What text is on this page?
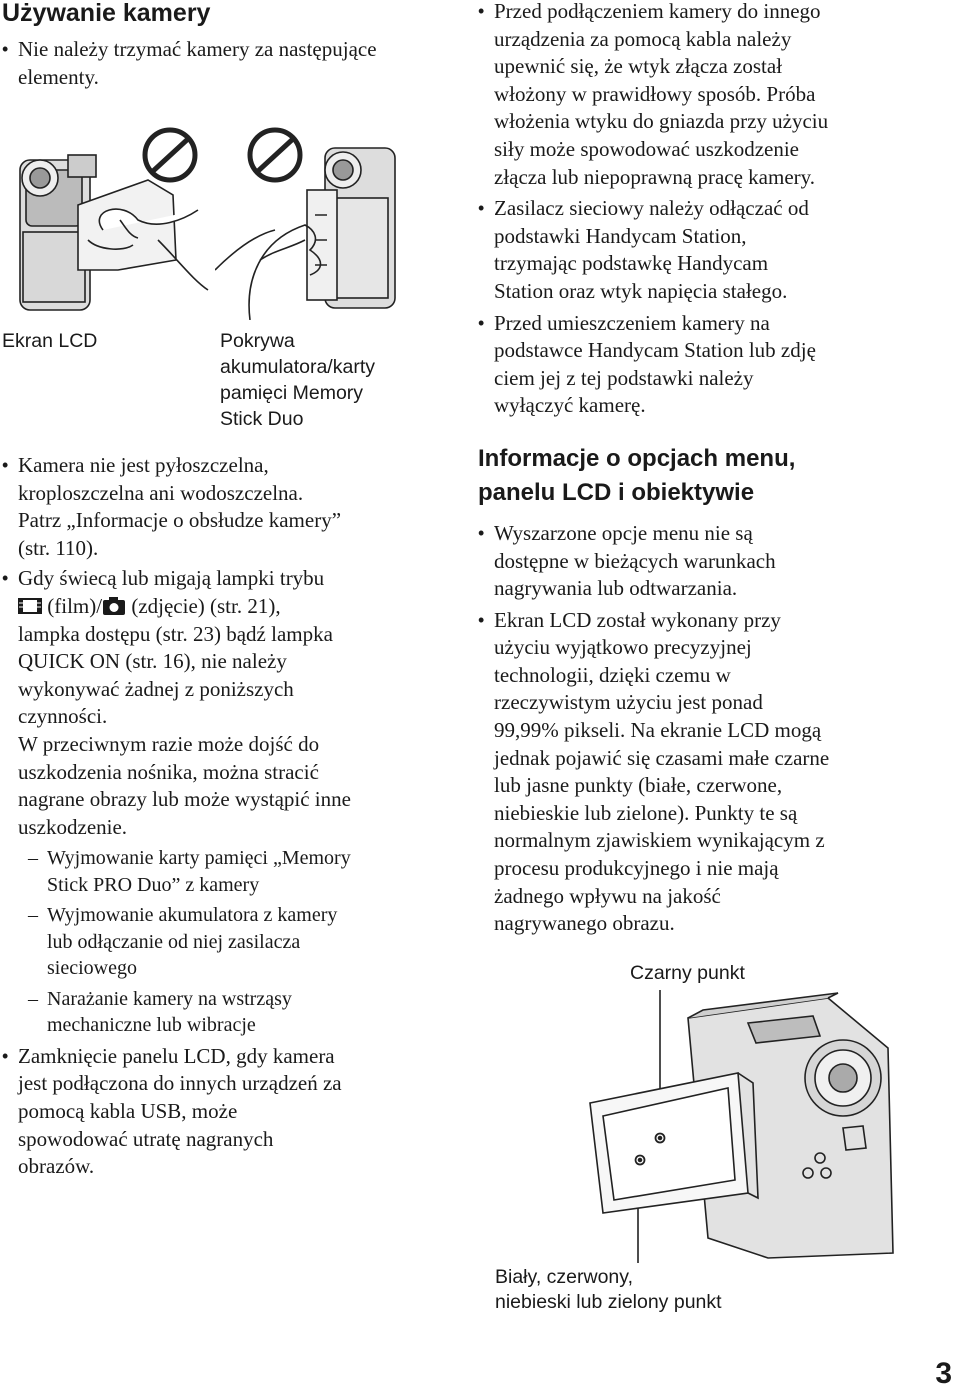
Używanie kamery

• Nie należy trzymać kamery za następujące elementy.

Ekran LCD	Pokrywa
akumulatora/karty
pamięci Memory
Stick Duo
• Kamera nie jest pyłoszczelna,
kroploszczelna ani wodoszczelna.
Patrz „Informacje o obsłudze kamery”
(str. 110).
• Gdy świecą lub migają lampki trybu
(film)/ (zdjęcie) (str. 21),
lampka dostępu (str. 23) bądź lampka
QUICK ON (str. 16), nie należy
wykonywać żadnej z poniższych
czynności.
W przeciwnym razie może dojść do
uszkodzenia nośnika, można stracić
nagrane obrazy lub może wystąpić inne
uszkodzenie.
– Wyjmowanie karty pamięci „Memory
Stick PRO Duo” z kamery
– Wyjmowanie akumulatora z kamery
lub odłączanie od niej zasilacza
sieciowego
– Narażanie kamery na wstrząsy
mechaniczne lub wibracje
• Zamknięcie panelu LCD, gdy kamera
jest podłączona do innych urządzeń za
pomocą kabla USB, może
spowodować utratę nagranych
obrazów.
• Przed podłączeniem kamery do innego
urządzenia za pomocą kabla należy
upewnić się, że wtyk złącza został
włożony w prawidłowy sposób. Próba
włożenia wtyku do gniazda przy użyciu
siły może spowodować uszkodzenie
złącza lub niepoprawną pracę kamery.
• Zasilacz sieciowy należy odłączać od
podstawki Handycam Station,
trzymając podstawkę Handycam
Station oraz wtyk napięcia stałego.
• Przed umieszczeniem kamery na
podstawce Handycam Station lub zdję
ciem jej z tej podstawki należy
wyłączyć kamerę.
Informacje o opcjach menu,
panelu LCD i obiektywie
• Wyszarzone opcje menu nie są
dostępne w bieżących warunkach
nagrywania lub odtwarzania.
• Ekran LCD został wykonany przy
użyciu wyjątkowo precyzyjnej
technologii, dzięki czemu w
rzeczywistym użyciu jest ponad
99,99% pikseli. Na ekranie LCD mogą
jednak pojawić się czasami małe czarne
lub jasne punkty (białe, czerwone,
niebieskie lub zielone). Punkty te są
normalnym zjawiskiem wynikającym z
procesu produkcyjnego i nie mają
żadnego wpływu na jakość
nagrywanego obrazu.
Czarny punkt
Biały, czerwony,
niebieski lub zielony punkt
3
